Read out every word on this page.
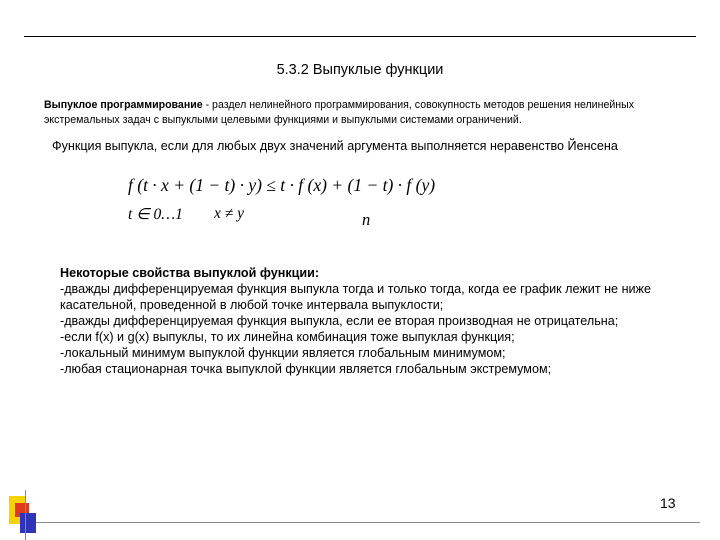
5.3.2 Выпуклые функции
Выпуклое программирование - раздел нелинейного программирования, совокупность методов решения нелинейных экстремальных задач с выпуклыми целевыми функциями и выпуклыми системами ограничений.
Функция выпукла, если для любых двух значений аргумента выполняется неравенство Йенсена
f (t · x + (1 − t) · y) ≤ t · f (x) + (1 − t) · f (y)
t ∈ 0…1 x ≠ y	n
Некоторые свойства выпуклой функции:
-дважды дифференцируемая функция выпукла тогда и только тогда, когда ее график лежит не ниже касательной, проведенной в любой точке интервала выпуклости;
-дважды дифференцируемая функция выпукла, если ее вторая производная не отрицательна;
-если f(x) и g(x) выпуклы, то их линейна комбинация тоже выпуклая функция;
-локальный минимум выпуклой функции является глобальным минимумом;
-любая стационарная точка выпуклой функции является глобальным экстремумом;
13
